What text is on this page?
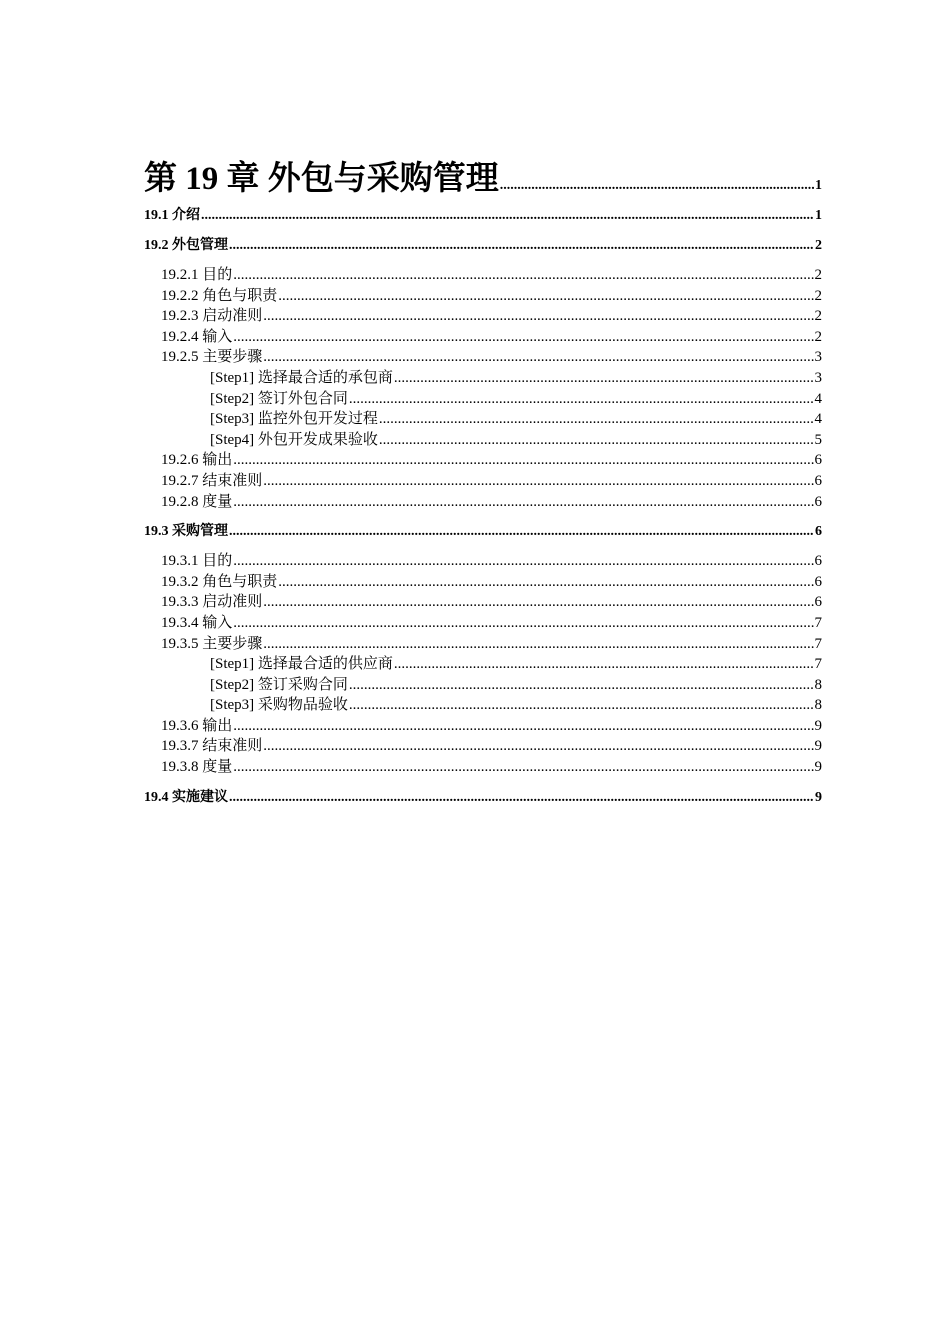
第 19 章 外包与采购管理 .....	1
19.1 介绍 .....	1
19.2 外包管理 .....	2
19.2.1 目的 .....	2
19.2.2 角色与职责 .....	2
19.2.3 启动准则 .....	2
19.2.4 输入 .....	2
19.2.5 主要步骤 .....	3
[Step1] 选择最合适的承包商 .....	3
[Step2] 签订外包合同 .....	4
[Step3] 监控外包开发过程 .....	4
[Step4] 外包开发成果验收 .....	5
19.2.6 输出 .....	6
19.2.7 结束准则 .....	6
19.2.8 度量 .....	6
19.3 采购管理 .....	6
19.3.1 目的 .....	6
19.3.2 角色与职责 .....	6
19.3.3 启动准则 .....	6
19.3.4 输入 .....	7
19.3.5 主要步骤 .....	7
[Step1] 选择最合适的供应商 .....	7
[Step2] 签订采购合同 .....	8
[Step3] 采购物品验收 .....	8
19.3.6 输出 .....	9
19.3.7 结束准则 .....	9
19.3.8 度量 .....	9
19.4 实施建议 .....	9
